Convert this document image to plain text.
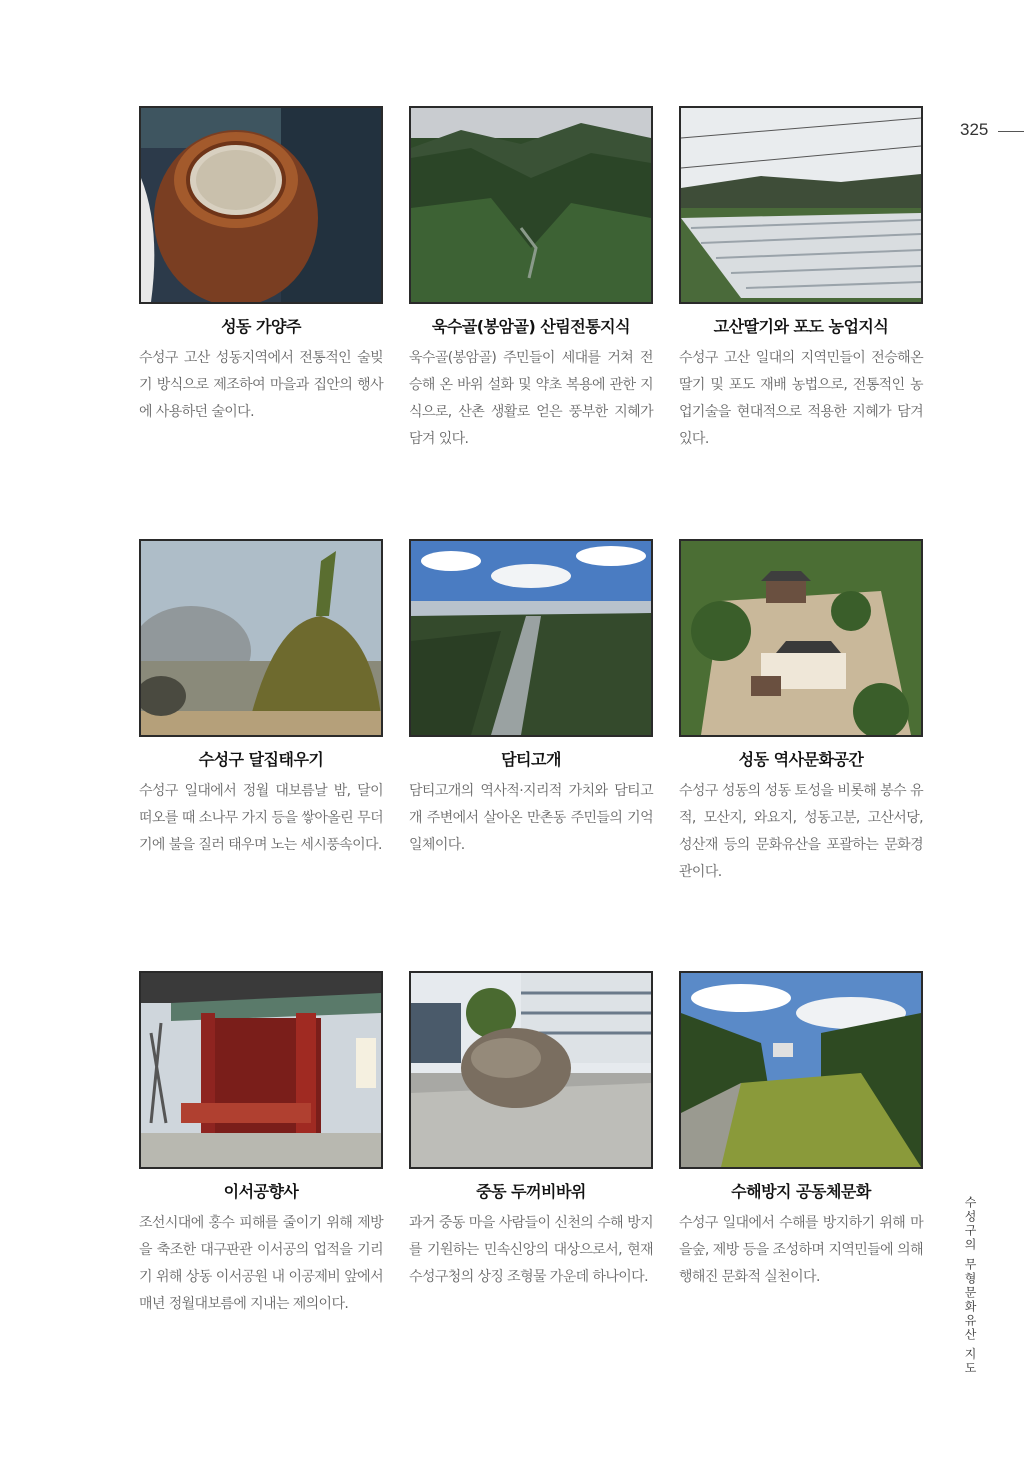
325
수성구의 무형문화유산 지도
성동 가양주
수성구 고산 성동지역에서 전통적인 술빚기 방식으로 제조하여 마을과 집안의 행사에 사용하던 술이다.
욱수골(봉암골) 산림전통지식
욱수골(봉암골) 주민들이 세대를 거쳐 전승해 온 바위 설화 및 약초 복용에 관한 지식으로, 산촌 생활로 얻은 풍부한 지혜가 담겨 있다.
고산딸기와 포도 농업지식
수성구 고산 일대의 지역민들이 전승해온 딸기 및 포도 재배 농법으로, 전통적인 농업기술을 현대적으로 적용한 지혜가 담겨 있다.
수성구 달집태우기
수성구 일대에서 정월 대보름날 밤, 달이 떠오를 때 소나무 가지 등을 쌓아올린 무더기에 불을 질러 태우며 노는 세시풍속이다.
담티고개
담티고개의 역사적·지리적 가치와 담티고개 주변에서 살아온 만촌동 주민들의 기억 일체이다.
성동 역사문화공간
수성구 성동의 성동 토성을 비롯해 봉수 유적, 모산지, 와요지, 성동고분, 고산서당, 성산재 등의 문화유산을 포괄하는 문화경관이다.
이서공향사
조선시대에 홍수 피해를 줄이기 위해 제방을 축조한 대구판관 이서공의 업적을 기리기 위해 상동 이서공원 내 이공제비 앞에서 매년 정월대보름에 지내는 제의이다.
중동 두꺼비바위
과거 중동 마을 사람들이 신천의 수해 방지를 기원하는 민속신앙의 대상으로서, 현재 수성구청의 상징 조형물 가운데 하나이다.
수해방지 공동체문화
수성구 일대에서 수해를 방지하기 위해 마을숲, 제방 등을 조성하며 지역민들에 의해 행해진 문화적 실천이다.
